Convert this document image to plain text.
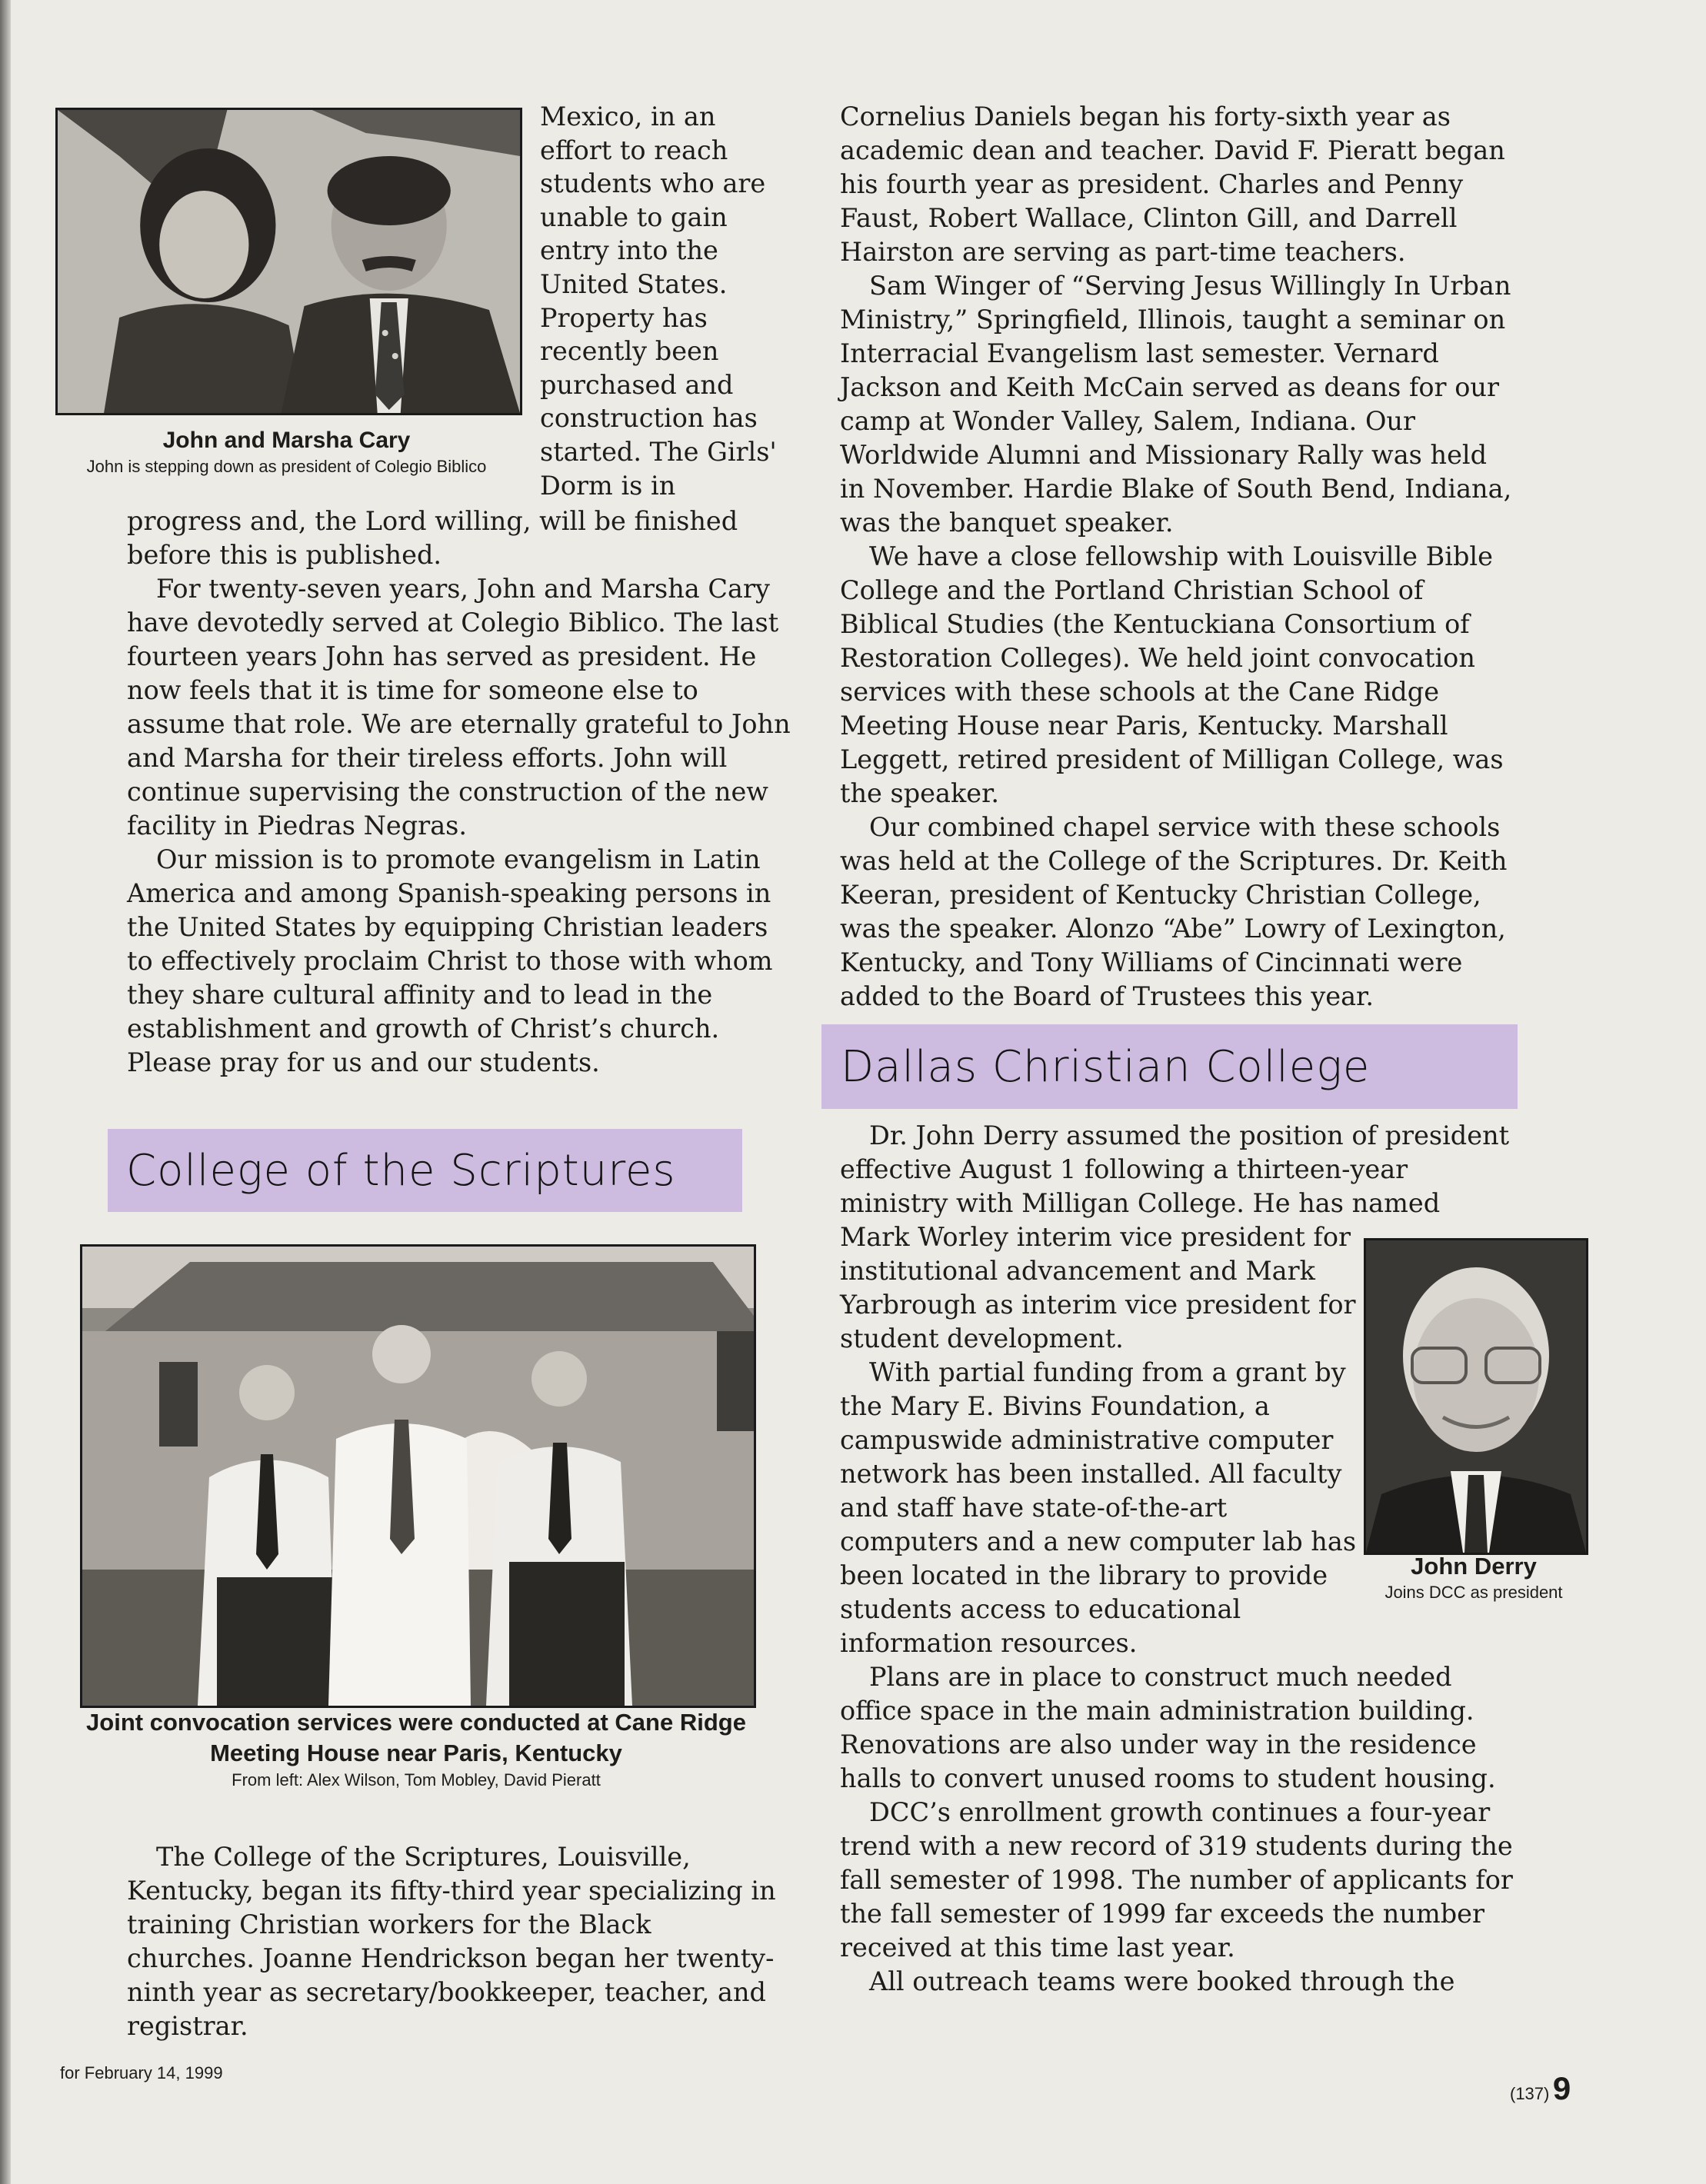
John and Marsha Cary
John is stepping down as president of Colegio Biblico
Mexico, in an
effort to reach
students who are
unable to gain
entry into the
United States.
Property has
recently been
purchased and
construction has
started. The Girls'
Dorm is in

progress and, the Lord willing, will be finished before this is published.

For twenty-seven years, John and Marsha Cary have devotedly served at Colegio Biblico. The last fourteen years John has served as president. He now feels that it is time for someone else to assume that role. We are eternally grateful to John and Marsha for their tireless efforts. John will continue supervising the construction of the new facility in Piedras Negras.

Our mission is to promote evangelism in Latin America and among Spanish-speaking persons in the United States by equipping Christian leaders to effectively proclaim Christ to those with whom they share cultural affinity and to lead in the establishment and growth of Christ’s church. Please pray for us and our students.

College of the Scriptures
Joint convocation services were conducted at Cane Ridge Meeting House near Paris, Kentucky
From left: Alex Wilson, Tom Mobley, David Pieratt

The College of the Scriptures, Louisville, Kentucky, began its fifty-third year specializing in training Christian workers for the Black churches. Joanne Hendrickson began her twenty-ninth year as secretary/bookkeeper, teacher, and registrar.

Cornelius Daniels began his forty-sixth year as academic dean and teacher. David F. Pieratt began his fourth year as president. Charles and Penny Faust, Robert Wallace, Clinton Gill, and Darrell Hairston are serving as part-time teachers.

Sam Winger of “Serving Jesus Willingly In Urban Ministry,” Springfield, Illinois, taught a seminar on Interracial Evangelism last semester. Vernard Jackson and Keith McCain served as deans for our camp at Wonder Valley, Salem, Indiana. Our Worldwide Alumni and Missionary Rally was held in November. Hardie Blake of South Bend, Indiana, was the banquet speaker.

We have a close fellowship with Louisville Bible College and the Portland Christian School of Biblical Studies (the Kentuckiana Consortium of Restoration Colleges). We held joint convocation services with these schools at the Cane Ridge Meeting House near Paris, Kentucky. Marshall Leggett, retired president of Milligan College, was the speaker.

Our combined chapel service with these schools was held at the College of the Scriptures. Dr. Keith Keeran, president of Kentucky Christian College, was the speaker. Alonzo “Abe” Lowry of Lexington, Kentucky, and Tony Williams of Cincinnati were added to the Board of Trustees this year.

Dallas Christian College
Dr. John Derry assumed the position of president
effective August 1 following a thirteen-year
ministry with Milligan College. He has named
Mark Worley interim vice president for
institutional advancement and Mark
Yarbrough as interim vice president for
student development.
With partial funding from a grant by
the Mary E. Bivins Foundation, a
campuswide administrative computer
network has been installed. All faculty
and staff have state-of-the-art
computers and a new computer lab has
been located in the library to provide
students access to educational
information resources.
John Derry
Joins DCC as president

Plans are in place to construct much needed office space in the main administration building. Renovations are also under way in the residence halls to convert unused rooms to student housing.

DCC’s enrollment growth continues a four-year trend with a new record of 319 students during the fall semester of 1998. The number of applicants for the fall semester of 1999 far exceeds the number received at this time last year.

All outreach teams were booked through the

for February 14, 1999
(137) 9
